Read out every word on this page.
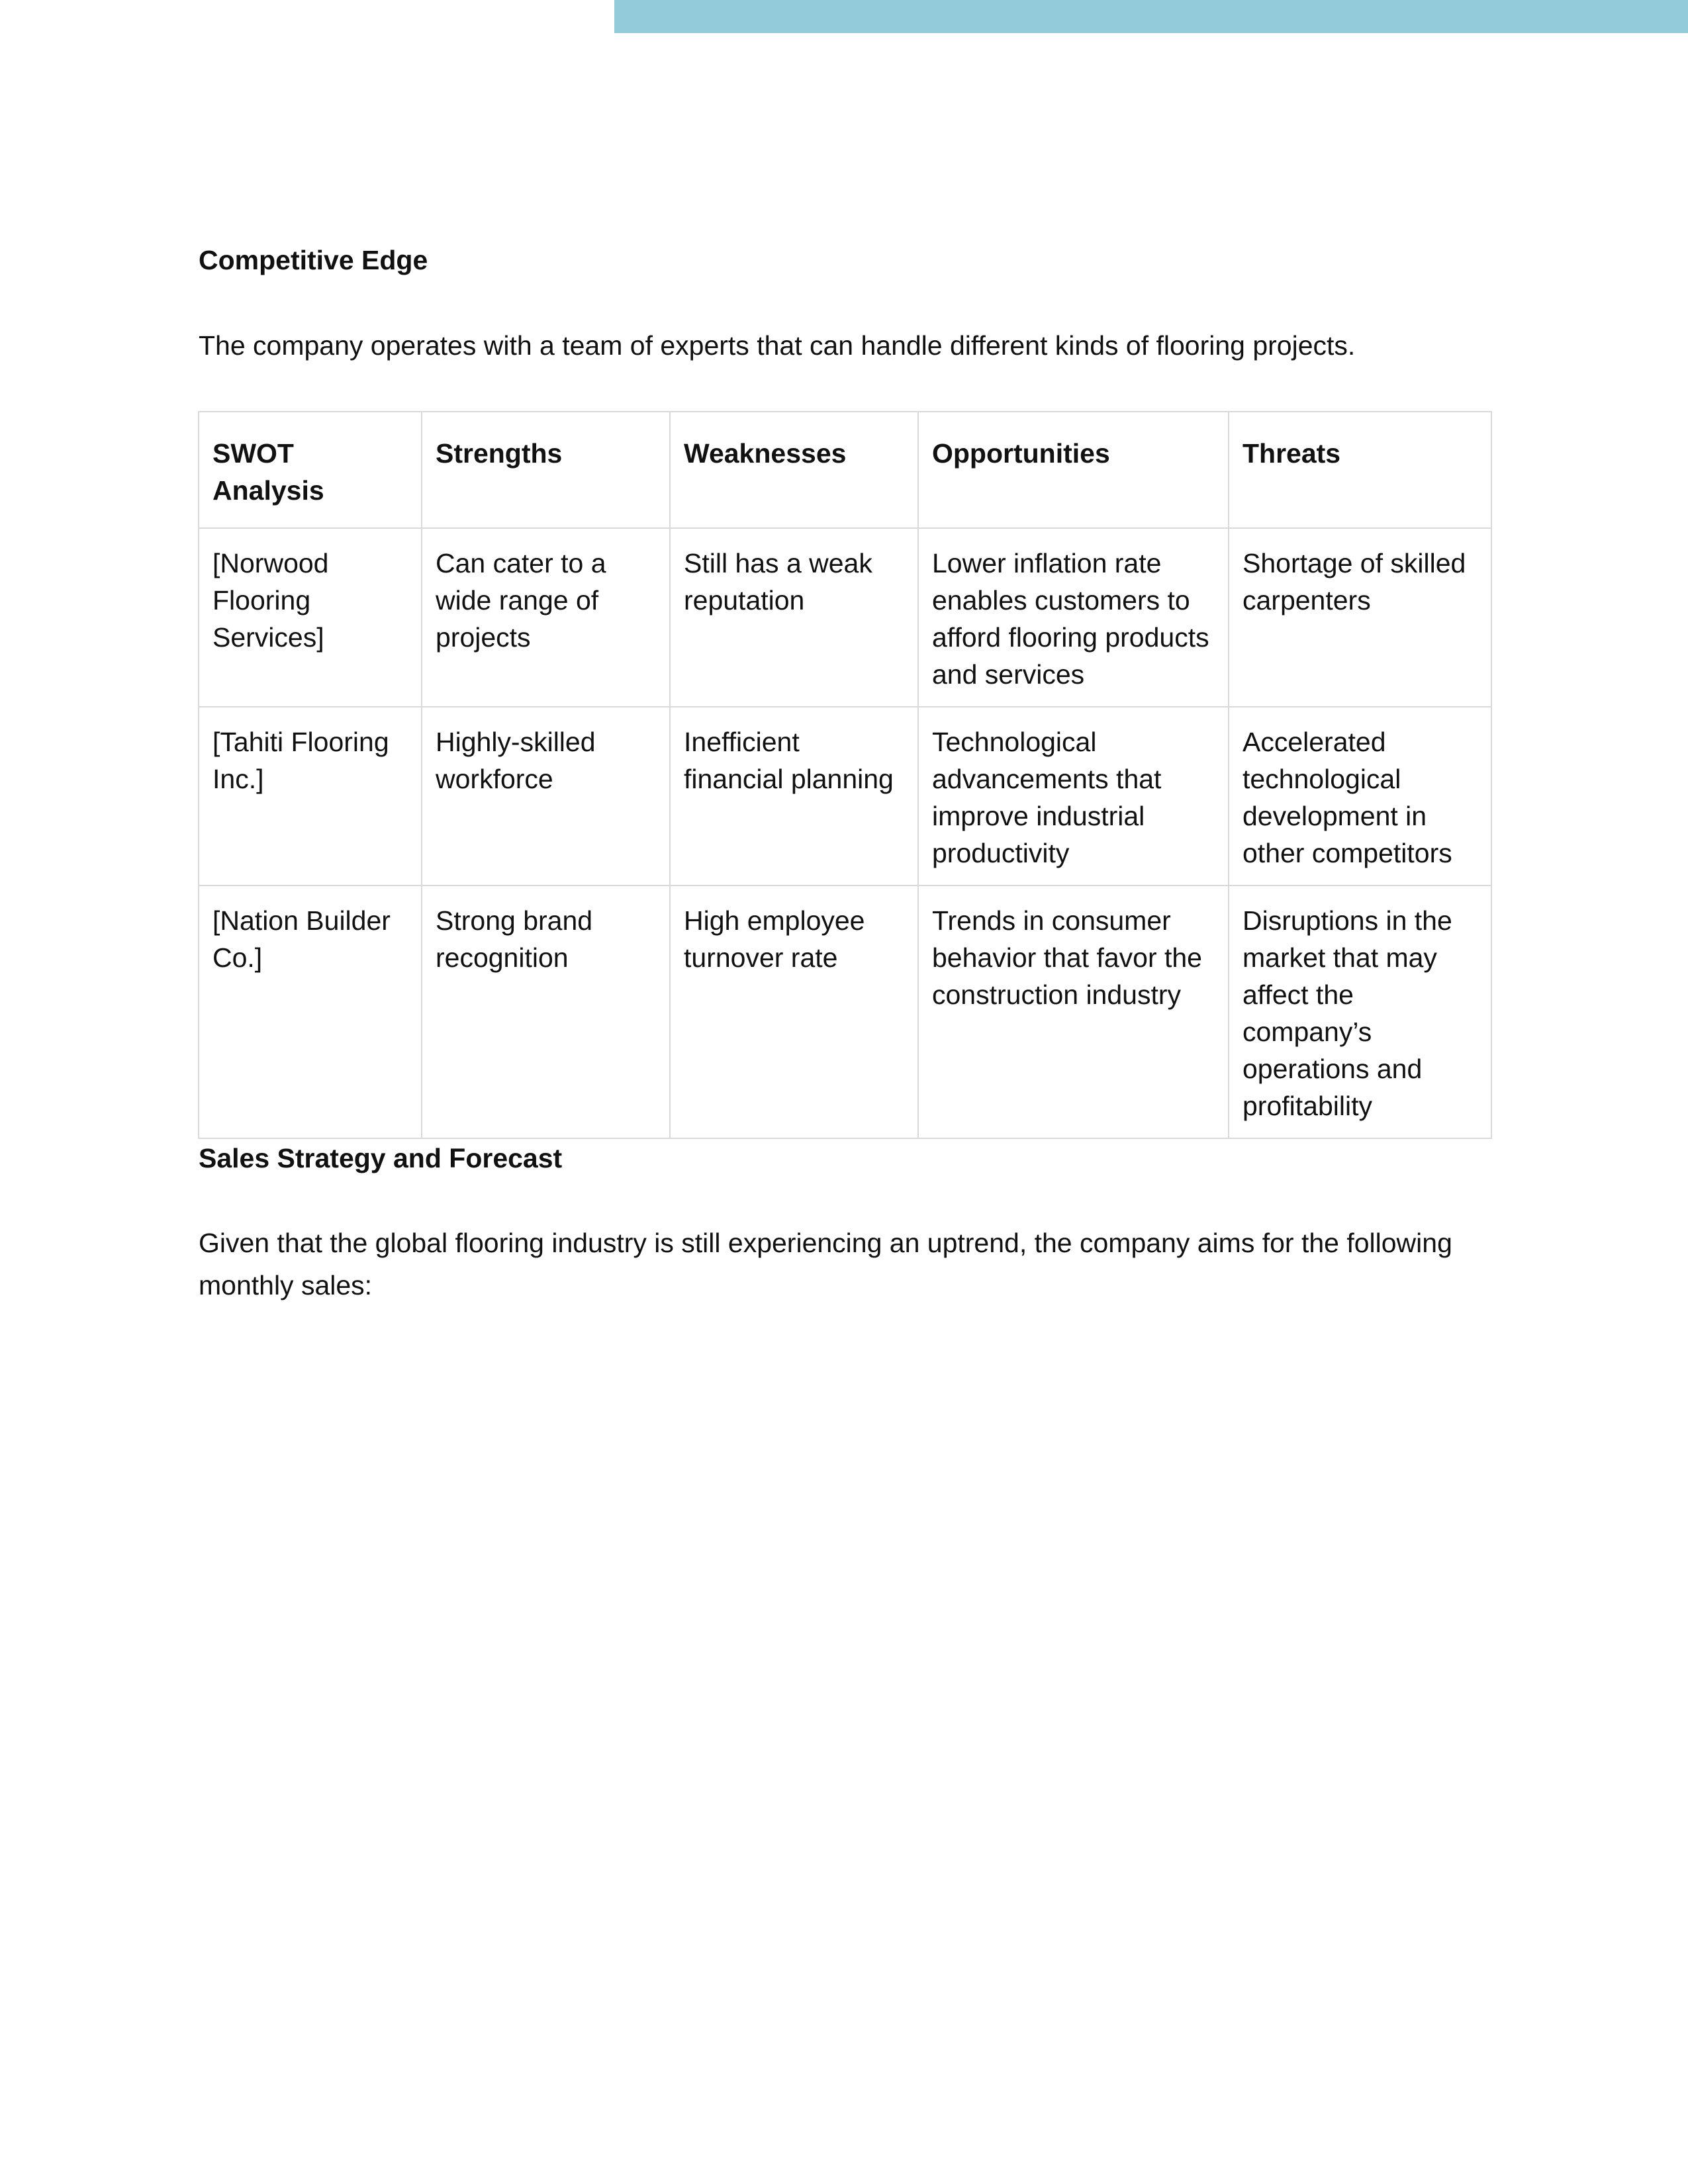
Competitive Edge

The company operates with a team of experts that can handle different kinds of flooring projects.

SWOT Analysis	Strengths	Weaknesses	Opportunities	Threats
[Norwood Flooring Services]	Can cater to a wide range of projects	Still has a weak reputation	Lower inflation rate enables customers to afford flooring products and services	Shortage of skilled carpenters
[Tahiti Flooring Inc.]	Highly-skilled workforce	Inefficient financial planning	Technological advancements that improve industrial productivity	Accelerated technological development in other competitors
[Nation Builder Co.]	Strong brand recognition	High employee turnover rate	Trends in consumer behavior that favor the construction industry	Disruptions in the market that may affect the company’s operations and profitability
Sales Strategy and Forecast

Given that the global flooring industry is still experiencing an uptrend, the company aims for the following monthly sales:
